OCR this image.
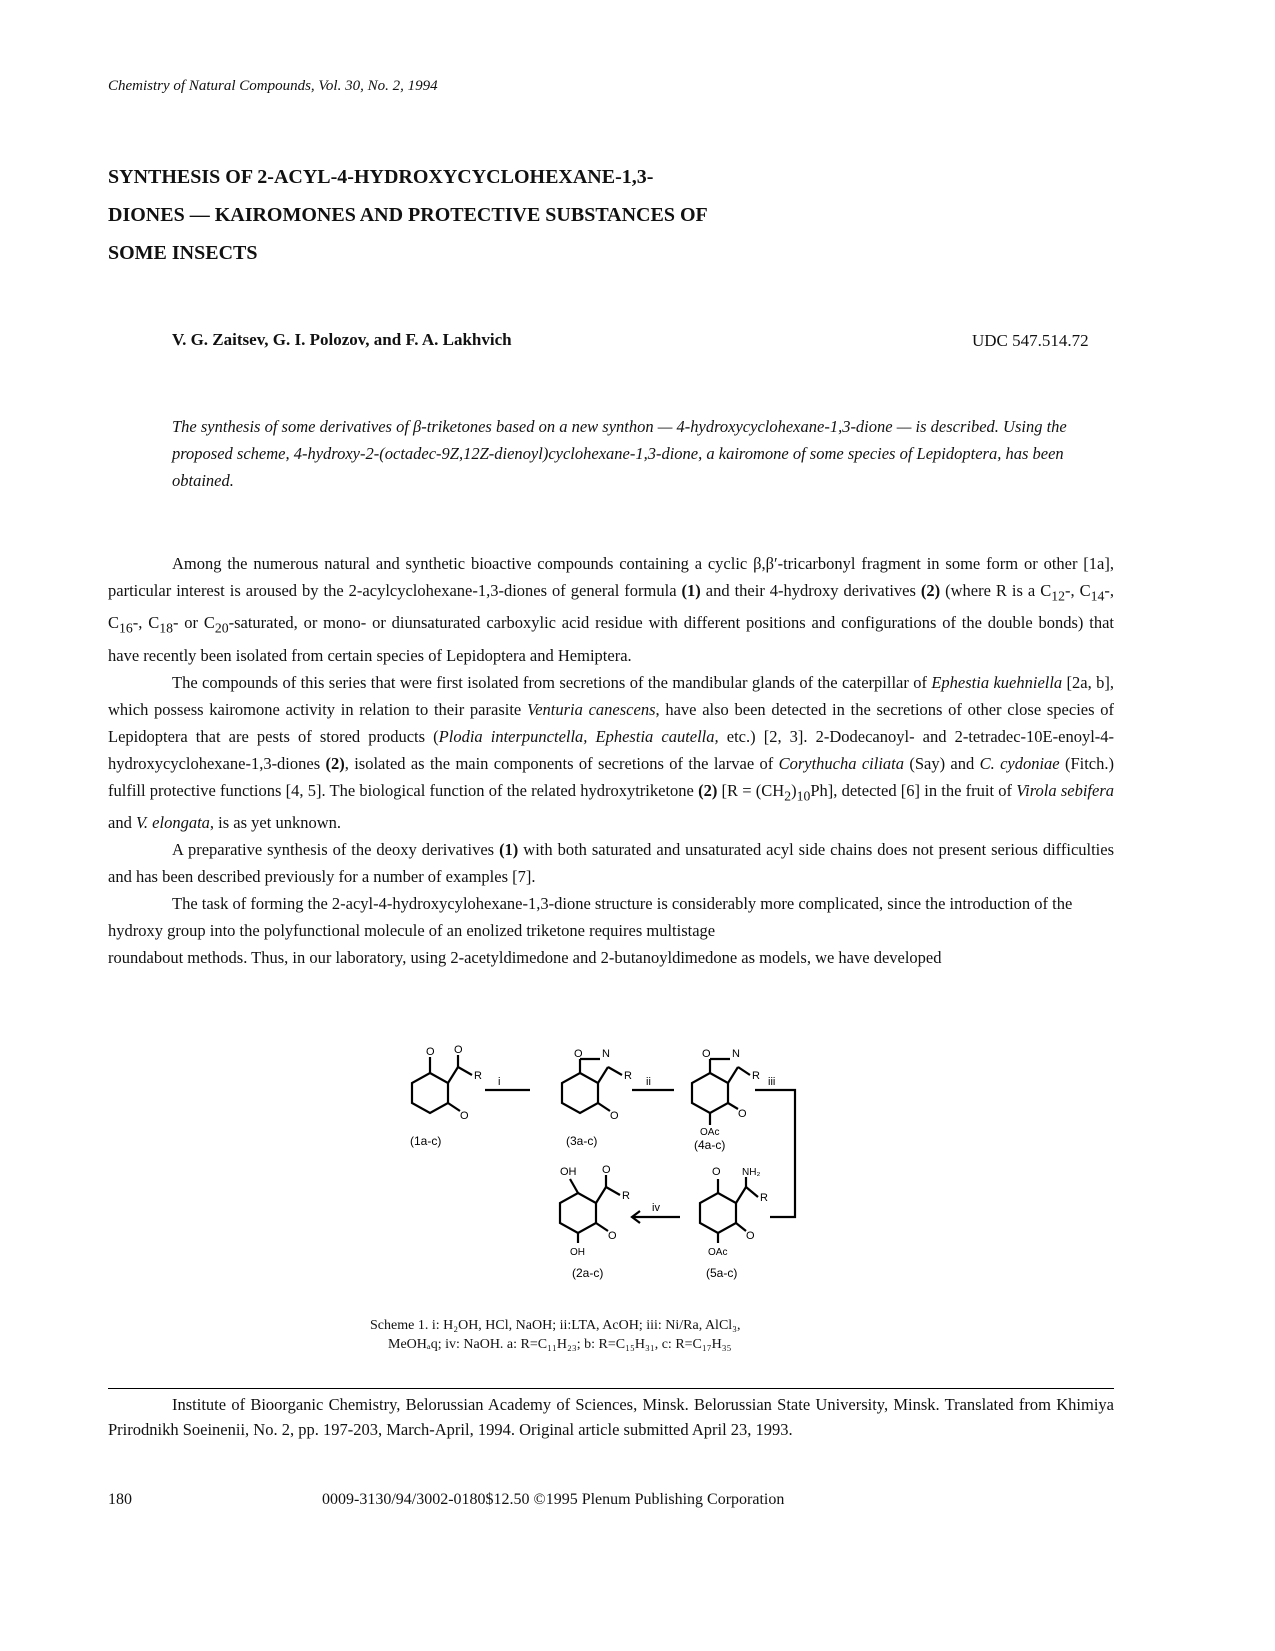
Chemistry of Natural Compounds, Vol. 30, No. 2, 1994
SYNTHESIS OF 2-ACYL-4-HYDROXYCYCLOHEXANE-1,3-
DIONES — KAIROMONES AND PROTECTIVE SUBSTANCES OF
SOME INSECTS
V. G. Zaitsev, G. I. Polozov, and F. A. Lakhvich	UDC 547.514.72
The synthesis of some derivatives of β-triketones based on a new synthon — 4-hydroxycyclohexane-1,3-dione — is described. Using the proposed scheme, 4-hydroxy-2-(octadec-9Z,12Z-dienoyl)cyclohexane-1,3-dione, a kairomone of some species of Lepidoptera, has been obtained.

Among the numerous natural and synthetic bioactive compounds containing a cyclic β,β′-tricarbonyl fragment in some form or other [1a], particular interest is aroused by the 2-acylcyclohexane-1,3-diones of general formula (1) and their 4-hydroxy derivatives (2) (where R is a $C_{12}-$, $C_{14}-$, $C_{16}-$, $C_{18}-$ or $C_{20}$-saturated, or mono- or diunsaturated carboxylic acid residue with different positions and configurations of the double bonds) that have recently been isolated from certain species of Lepidoptera and Hemiptera.

The compounds of this series that were first isolated from secretions of the mandibular glands of the caterpillar of Ephestia kuehniella [2a, b], which possess kairomone activity in relation to their parasite Venturia canescens, have also been detected in the secretions of other close species of Lepidoptera that are pests of stored products (Plodia interpunctella, Ephestia cautella, etc.) [2, 3]. 2-Dodecanoyl- and 2-tetradec-10E-enoyl-4-hydroxycyclohexane-1,3-diones (2), isolated as the main components of secretions of the larvae of Corythucha ciliata (Say) and C. cydoniae (Fitch.) fulfill protective functions [4, 5]. The biological function of the related hydroxytriketone (2) $[R = (CH_2)_{10}Ph]$, detected [6] in the fruit of Virola sebifera and V. elongata, is as yet unknown.

A preparative synthesis of the deoxy derivatives (1) with both saturated and unsaturated acyl side chains does not present serious difficulties and has been described previously for a number of examples [7].

The task of forming the 2-acyl-4-hydroxycylohexane-1,3-dione structure is considerably more complicated, since the introduction of the hydroxy group into the polyfunctional molecule of an enolized triketone requires multistage

roundabout methods. Thus, in our laboratory, using 2-acetyldimedone and 2-butanoyldimedone as models, we have developed

O O
R
O
(1a-c)
i
O N
R
O
(3a-c)
ii
O N
R
O
OAc
(4a-c)
iii
OH O
R
O
OH
(2a-c)
iv
O NH₂
R
O
OAc
(5a-c)
Scheme 1. i: H₂OH, HCl, NaOH; ii:LTA, AcOH; iii: Ni/Ra, AlCl₃,
MeOHₐq; iv: NaOH. a: R=C₁₁H₂₃; b: R=C₁₅H₃₁, c: R=C₁₇H₃₅

Institute of Bioorganic Chemistry, Belorussian Academy of Sciences, Minsk. Belorussian State University, Minsk. Translated from Khimiya Prirodnikh Soeinenii, No. 2, pp. 197-203, March-April, 1994. Original article submitted April 23, 1993.

180	0009-3130/94/3002-0180$12.50 ©1995 Plenum Publishing Corporation
